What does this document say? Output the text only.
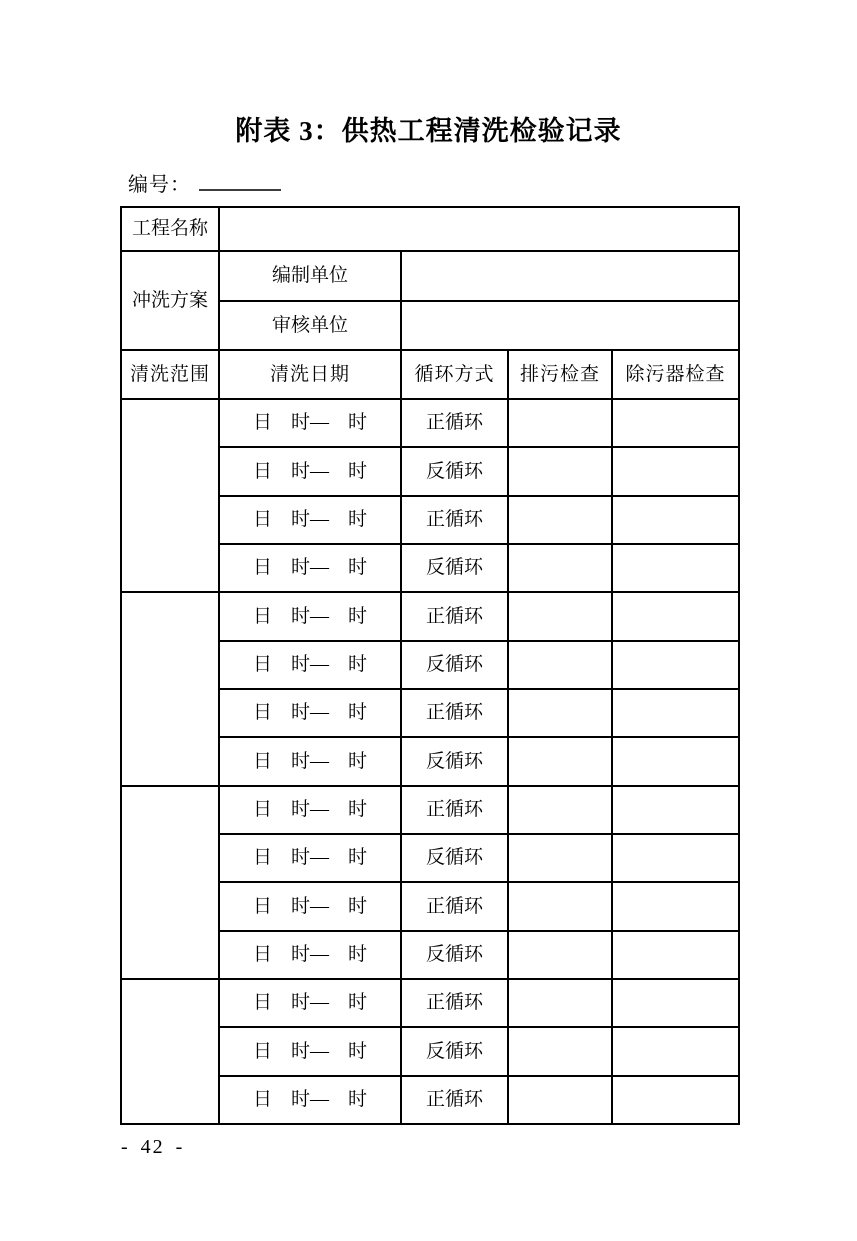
附表 3：供热工程清洗检验记录
编号：
工程名称				
冲洗方案	编制单位			
	审核单位			
清洗范围	清洗日期	循环方式	排污检查	除污器检查
	日　时—　时	正循环		
	日　时—　时	反循环		
	日　时—　时	正循环		
	日　时—　时	反循环		
	日　时—　时	正循环		
	日　时—　时	反循环		
	日　时—　时	正循环		
	日　时—　时	反循环		
	日　时—　时	正循环		
	日　时—　时	反循环		
	日　时—　时	正循环		
	日　时—　时	反循环		
	日　时—　时	正循环		
	日　时—　时	反循环		
	日　时—　时	正循环		
- 42 -
